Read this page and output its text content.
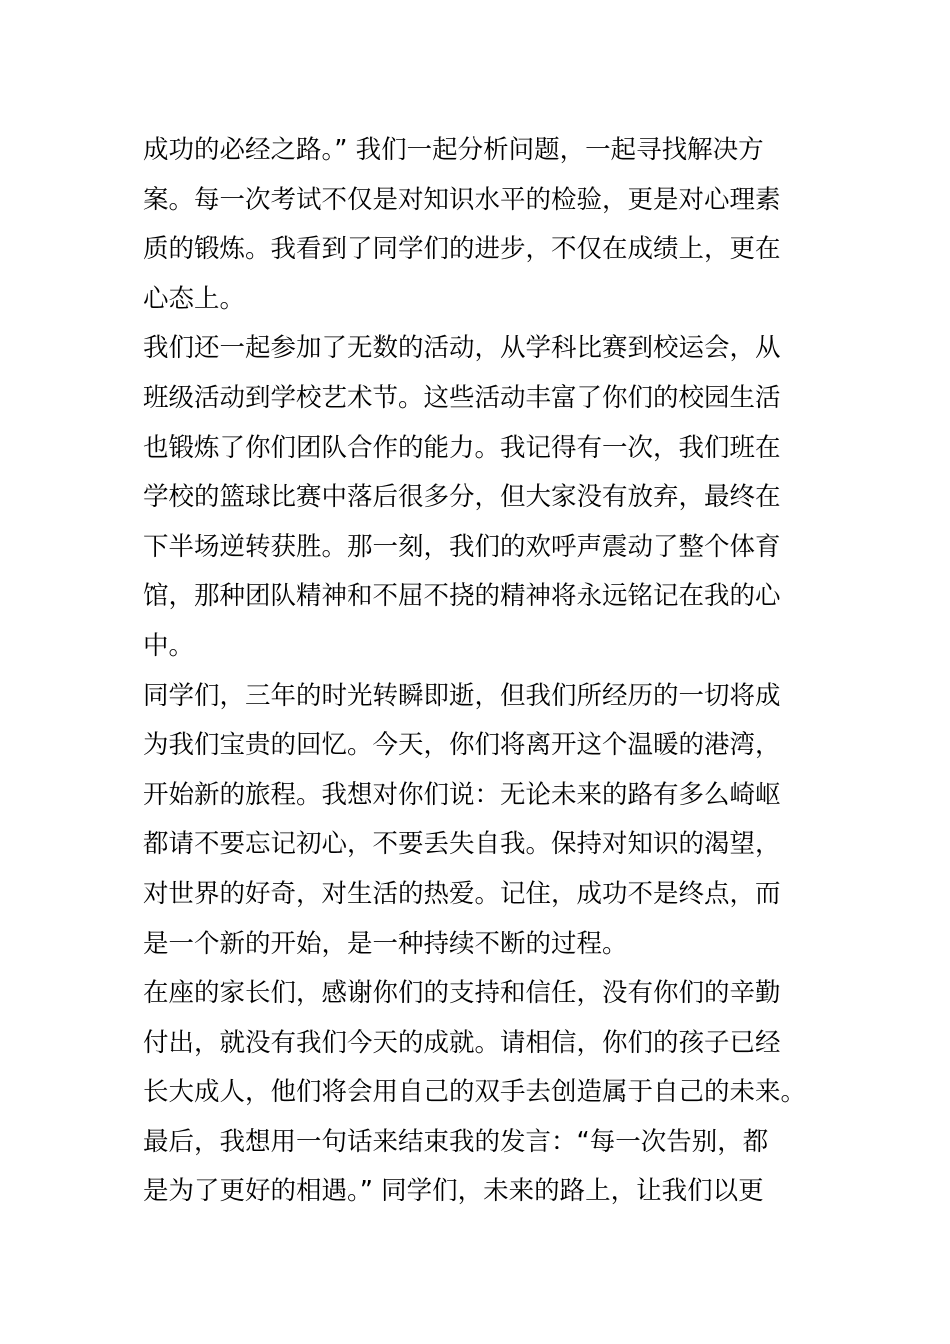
成功的必经之路。” 我们一起分析问题，一起寻找解决方
案。每一次考试不仅是对知识水平的检验，更是对心理素
质的锻炼。我看到了同学们的进步，不仅在成绩上，更在
心态上。
我们还一起参加了无数的活动，从学科比赛到校运会，从
班级活动到学校艺术节。这些活动丰富了你们的校园生活
也锻炼了你们团队合作的能力。我记得有一次，我们班在
学校的篮球比赛中落后很多分，但大家没有放弃，最终在
下半场逆转获胜。那一刻，我们的欢呼声震动了整个体育
馆，那种团队精神和不屈不挠的精神将永远铭记在我的心
中。
同学们，三年的时光转瞬即逝，但我们所经历的一切将成
为我们宝贵的回忆。今天，你们将离开这个温暖的港湾，
开始新的旅程。我想对你们说：无论未来的路有多么崎岖
都请不要忘记初心，不要丢失自我。保持对知识的渴望，
对世界的好奇，对生活的热爱。记住，成功不是终点，而
是一个新的开始，是一种持续不断的过程。
在座的家长们，感谢你们的支持和信任，没有你们的辛勤
付出，就没有我们今天的成就。请相信，你们的孩子已经
长大成人，他们将会用自己的双手去创造属于自己的未来。
最后，我想用一句话来结束我的发言：“每一次告别，都
是为了更好的相遇。” 同学们，未来的路上，让我们以更
